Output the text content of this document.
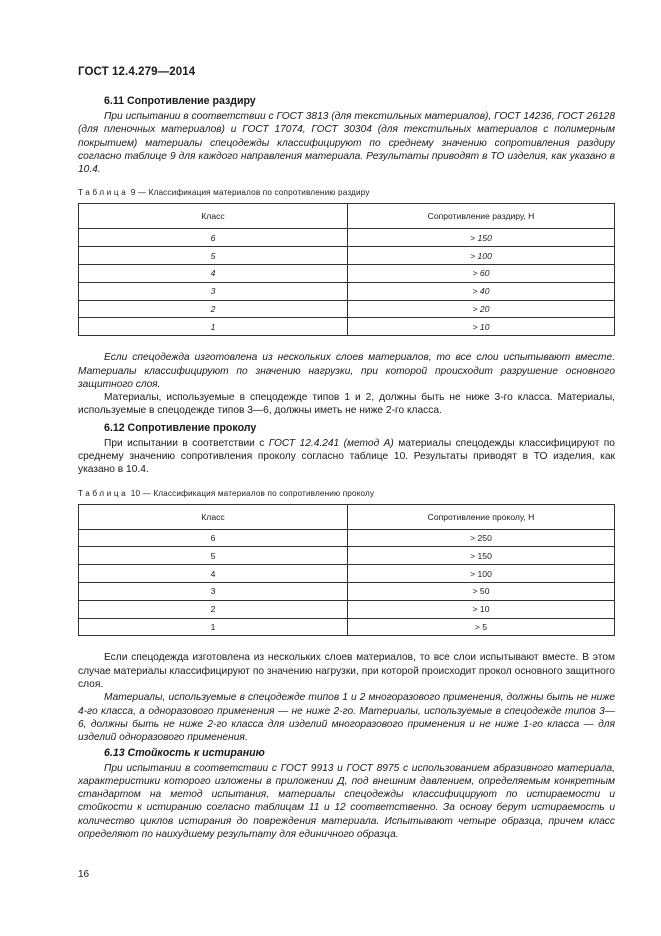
ГОСТ 12.4.279—2014
6.11 Сопротивление раздиру

При испытании в соответствии с ГОСТ 3813 (для текстильных материалов), ГОСТ 14236, ГОСТ 26128 (для пленочных материалов) и ГОСТ 17074, ГОСТ 30304 (для текстильных материалов с полимерным покрытием) материалы спецодежды классифицируют по среднему значению сопротивления раздиру согласно таблице 9 для каждого направления материала. Результаты приводят в ТО изделия, как указано в 10.4.

Таблица 9 — Классификация материалов по сопротивлению раздиру
Класс	Сопротивление раздиру, Н
6	> 150
5	> 100
4	> 60
3	> 40
2	> 20
1	> 10

Если спецодежда изготовлена из нескольких слоев материалов, то все слои испытывают вместе. Материалы классифицируют по значению нагрузки, при которой происходит разрушение основного защитного слоя.

Материалы, используемые в спецодежде типов 1 и 2, должны быть не ниже 3-го класса. Материалы, используемые в спецодежде типов 3—6, должны иметь не ниже 2-го класса.

6.12 Сопротивление проколу

При испытании в соответствии с ГОСТ 12.4.241 (метод А) материалы спецодежды классифицируют по среднему значению сопротивления проколу согласно таблице 10. Результаты приводят в ТО изделия, как указано в 10.4.

Таблица 10 — Классификация материалов по сопротивлению проколу
Класс	Сопротивление проколу, Н
6	> 250
5	> 150
4	> 100
3	> 50
2	> 10
1	> 5

Если спецодежда изготовлена из нескольких слоев материалов, то все слои испытывают вместе. В этом случае материалы классифицируют по значению нагрузки, при которой происходит прокол основного защитного слоя.

Материалы, используемые в спецодежде типов 1 и 2 многоразового применения, должны быть не ниже 4-го класса, а одноразового применения — не ниже 2-го. Материалы, используемые в спецодежде типов 3—6, должны быть не ниже 2-го класса для изделий многоразового применения и не ниже 1-го класса — для изделий одноразового применения.

6.13 Стойкость к истиранию

При испытании в соответствии с ГОСТ 9913 и ГОСТ 8975 с использованием абразивного материала, характеристики которого изложены в приложении Д, под внешним давлением, определяемым конкретным стандартом на метод испытания, материалы спецодежды классифицируют по истираемости и стойкости к истиранию согласно таблицам 11 и 12 соответственно. За основу берут истираемость и количество циклов истирания до повреждения материала. Испытывают четыре образца, причем класс определяют по наихудшему результату для единичного образца.

16
